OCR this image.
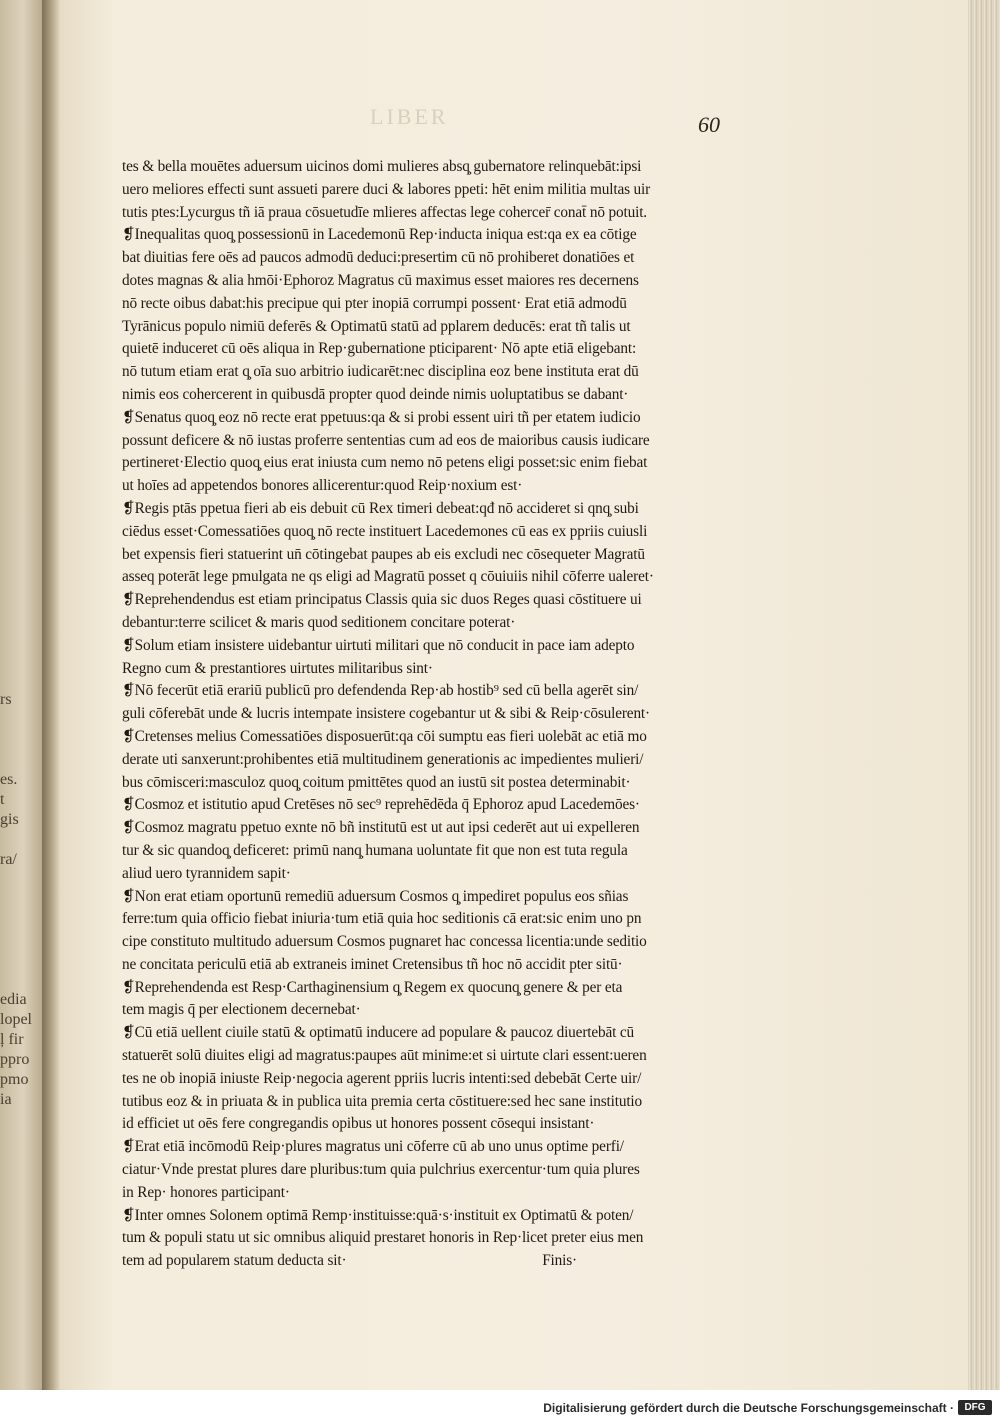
rs
es.
t
gis
ra/
edia
lopel
ļ fir
ppro
pmo
ia
LIBER	60
tes & bella mouētes aduersum uicinos domi mulieres absq̧ gubernatore relinquebāt:ipsi
uero meliores effecti sunt assueti parere duci & labores ppeti: hēt enim militia multas uir
tutis ptes:Lycurgus tñ iā praua cōsuetudīe mlieres affectas lege cohercer̄ conat̄ nō potuit.
❡Inequalitas quoq̧ possessionū in Lacedemonū Rep·inducta iniqua est:qa ex ea cōtige
bat diuitias fere oēs ad paucos admodū deduci:presertim cū nō prohiberet donatiōes et
dotes magnas & alia hmōi·Ephoroz Magratus cū maximus esset maiores res decernens
nō recte oibus dabat:his precipue qui pter inopiā corrumpi possent· Erat etiā admodū
Tyrānicus populo nimiū deferēs & Optimatū statū ad pplarem deducēs: erat tñ talis ut
quietē induceret cū oēs aliqua in Rep·gubernatione pticiparent· Nō apte etiā eligebant:
nō tutum etiam erat q̧ oīa suo arbitrio iudicarēt:nec disciplina eoz bene instituta erat dū
nimis eos cohercerent in quibusdā propter quod deinde nimis uoluptatibus se dabant·
❡Senatus quoq̧ eoz nō recte erat ppetuus:qa & si probi essent uiri tñ per etatem iudicio
possunt deficere & nō iustas proferre sententias cum ad eos de maioribus causis iudicare
pertineret·Electio quoq̧ eius erat iniusta cum nemo nō petens eligi posset:sic enim fiebat
ut hoīes ad appetendos bonores allicerentur:quod Reip·noxium est·
❡Regis ptās ppetua fieri ab eis debuit cū Rex timeri debeat:qđ nō accideret si qnq̧ subi
ciēdus esset·Comessatiōes quoq̧ nō recte instituert Lacedemones cū eas ex ppriis cuiusli
bet expensis fieri statuerint un̄ cōtingebat paupes ab eis excludi nec cōsequeter Magratū
asseq poterāt lege pmulgata ne qs eligi ad Magratū posset q cōuiuiis nihil cōferre ualeret·
❡Reprehendendus est etiam principatus Classis quia sic duos Reges quasi cōstituere ui
debantur:terre scilicet & maris quod seditionem concitare poterat·
❡Solum etiam insistere uidebantur uirtuti militari que nō conducit in pace iam adepto
Regno cum & prestantiores uirtutes militaribus sint·
❡Nō fecerūt etiā erariū publicū pro defendenda Rep·ab hostib⁹ sed cū bella agerēt sin/
guli cōferebāt unde & lucris intempate insistere cogebantur ut & sibi & Reip·cōsulerent·
❡Cretenses melius Comessatiōes disposuerūt:qa cōi sumptu eas fieri uolebāt ac etiā mo
derate uti sanxerunt:prohibentes etiā multitudinem generationis ac impedientes mulieri/
bus cōmisceri:masculoz quoq̧ coitum pmittētes quod an iustū sit postea determinabit·
❡Cosmoz et istitutio apud Cretēses nō sec⁹ reprehēdēda q̄ Ephoroz apud Lacedemōes·
❡Cosmoz magratu ppetuo exnte nō bñ institutū est ut aut ipsi cederēt aut ui expelleren
tur & sic quandoq̧ deficeret: primū nanq̧ humana uoluntate fit que non est tuta regula
aliud uero tyrannidem sapit·
❡Non erat etiam oportunū remediū aduersum Cosmos q̧ impediret populus eos sñias
ferre:tum quia officio fiebat iniuria·tum etiā quia hoc seditionis cā erat:sic enim uno pn
cipe constituto multitudo aduersum Cosmos pugnaret hac concessa licentia:unde seditio
ne concitata periculū etiā ab extraneis iminet Cretensibus tñ hoc nō accidit pter sitū·
❡Reprehendenda est Resp·Carthaginensium q̧ Regem ex quocunq̧ genere & per eta
tem magis q̄ per electionem decernebat·
❡Cū etiā uellent ciuile statū & optimatū inducere ad populare & paucoz diuertebāt cū
statuerēt solū diuites eligi ad magratus:paupes aūt minime:et si uirtute clari essent:ueren
tes ne ob inopiā iniuste Reip·negocia agerent ppriis lucris intenti:sed debebāt Certe uir/
tutibus eoz & in priuata & in publica uita premia certa cōstituere:sed hec sane institutio
id efficiet ut oēs fere congregandis opibus ut honores possent cōsequi insistant·
❡Erat etiā incōmodū Reip·plures magratus uni cōferre cū ab uno unus optime perfi/
ciatur·Vnde prestat plures dare pluribus:tum quia pulchrius exercentur·tum quia plures
in Rep· honores participant·
❡Inter omnes Solonem optimā Remp·instituisse:quā·s·instituit ex Optimatū & poten/
tum & populi statu ut sic omnibus aliquid prestaret honoris in Rep·licet preter eius men
tem ad popularem statum deducta sit·	Finis·
Digitalisierung gefördert durch die Deutsche Forschungsgemeinschaft ·	DFG
